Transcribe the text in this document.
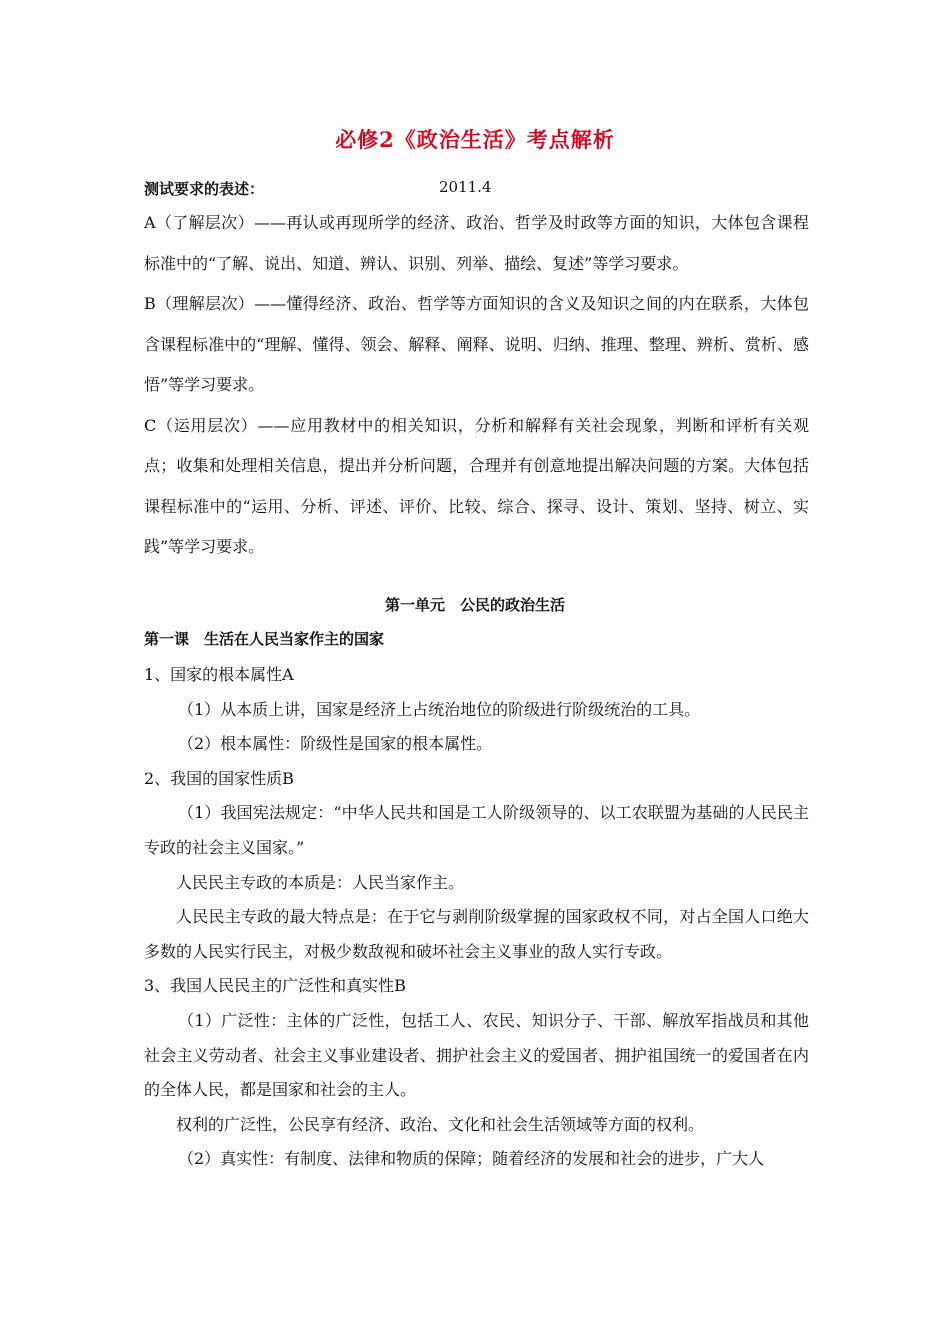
必修2《政治生活》考点解析
测试要求的表述：	2011.4

A（了解层次）——再认或再现所学的经济、政治、哲学及时政等方面的知识，大体包含课程标准中的“了解、说出、知道、辨认、识别、列举、描绘、复述”等学习要求。

B（理解层次）——懂得经济、政治、哲学等方面知识的含义及知识之间的内在联系，大体包含课程标准中的“理解、懂得、领会、解释、阐释、说明、归纳、推理、整理、辨析、赏析、感悟”等学习要求。

C（运用层次）——应用教材中的相关知识，分析和解释有关社会现象，判断和评析有关观点；收集和处理相关信息，提出并分析问题，合理并有创意地提出解决问题的方案。大体包括课程标准中的“运用、分析、评述、评价、比较、综合、探寻、设计、策划、坚持、树立、实践”等学习要求。

第一单元　公民的政治生活
第一课　生活在人民当家作主的国家

1、国家的根本属性A

（1）从本质上讲，国家是经济上占统治地位的阶级进行阶级统治的工具。

（2）根本属性：阶级性是国家的根本属性。

2、我国的国家性质B

（1）我国宪法规定：“中华人民共和国是工人阶级领导的、以工农联盟为基础的人民民主专政的社会主义国家。”

人民民主专政的本质是：人民当家作主。

人民民主专政的最大特点是：在于它与剥削阶级掌握的国家政权不同，对占全国人口绝大多数的人民实行民主，对极少数敌视和破坏社会主义事业的敌人实行专政。

3、我国人民民主的广泛性和真实性B

（1）广泛性：主体的广泛性，包括工人、农民、知识分子、干部、解放军指战员和其他社会主义劳动者、社会主义事业建设者、拥护社会主义的爱国者、拥护祖国统一的爱国者在内的全体人民，都是国家和社会的主人。

权利的广泛性，公民享有经济、政治、文化和社会生活领域等方面的权利。

（2）真实性：有制度、法律和物质的保障；随着经济的发展和社会的进步，广大人
